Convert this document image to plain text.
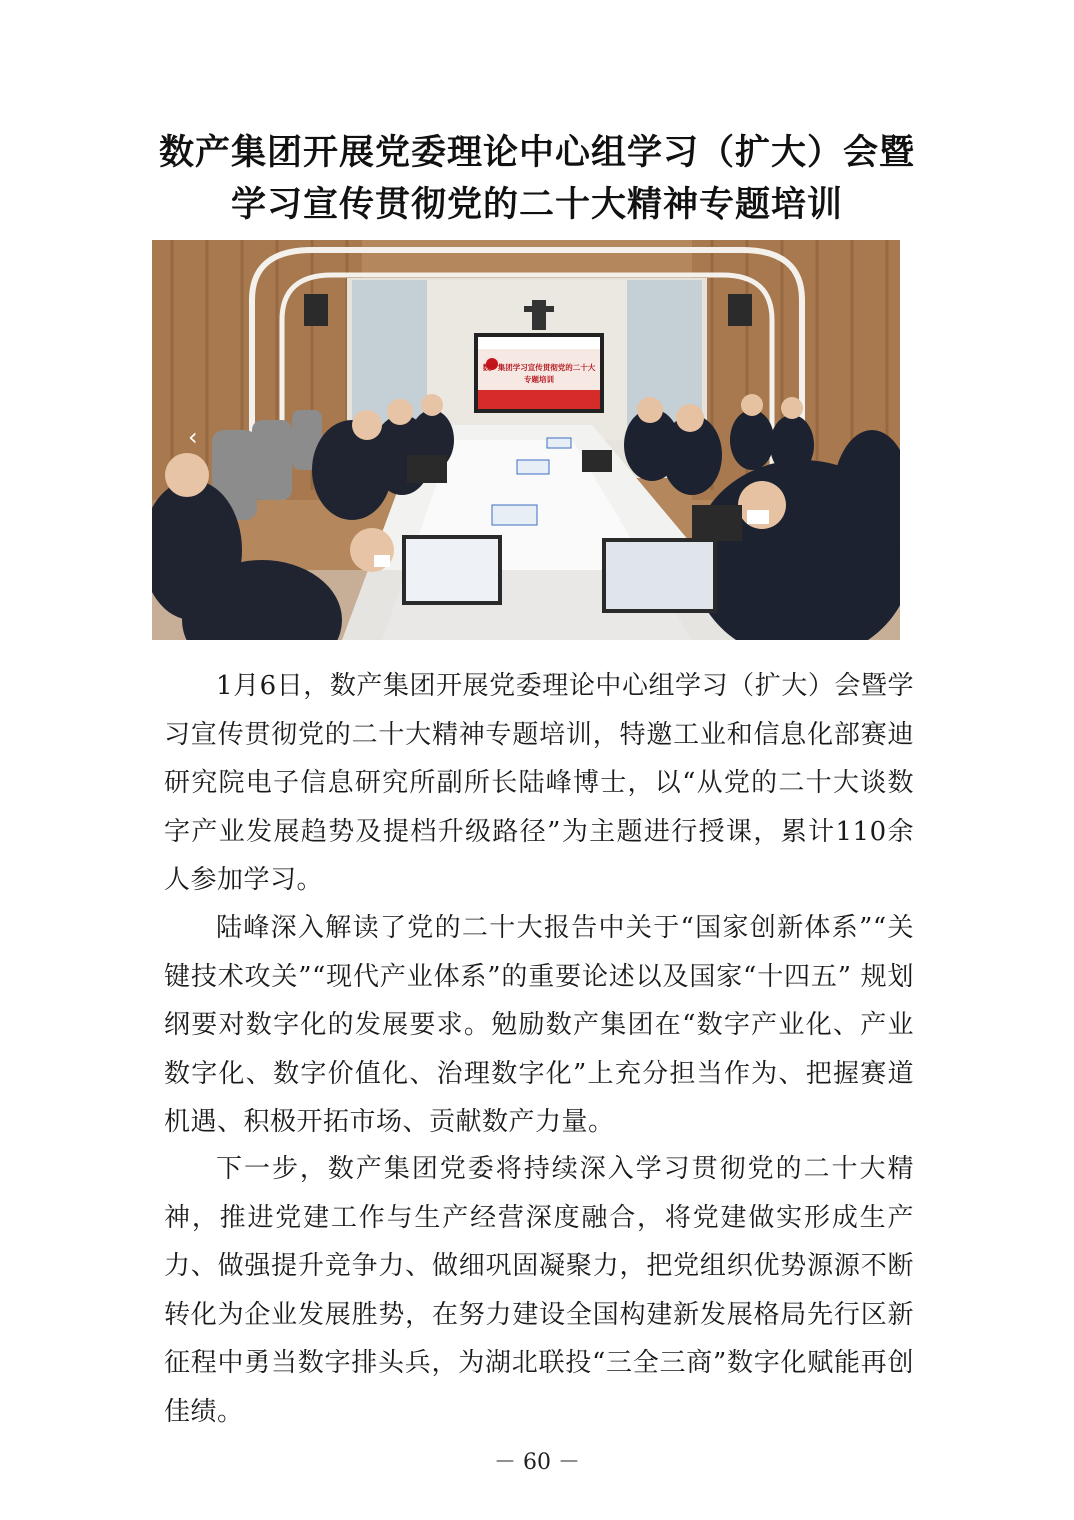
数产集团开展党委理论中心组学习（扩大）会暨
学习宣传贯彻党的二十大精神专题培训
数产集团学习宣传贯彻党的二十大
专题培训
‹

1月6日，数产集团开展党委理论中心组学习（扩大）会暨学习宣传贯彻党的二十大精神专题培训，特邀工业和信息化部赛迪研究院电子信息研究所副所长陆峰博士，以“从党的二十大谈数字产业发展趋势及提档升级路径”为主题进行授课，累计110余人参加学习。

陆峰深入解读了党的二十大报告中关于“国家创新体系”“关键技术攻关”“现代产业体系”的重要论述以及国家“十四五” 规划纲要对数字化的发展要求。勉励数产集团在“数字产业化、产业数字化、数字价值化、治理数字化”上充分担当作为、把握赛道机遇、积极开拓市场、贡献数产力量。

下一步，数产集团党委将持续深入学习贯彻党的二十大精神，推进党建工作与生产经营深度融合，将党建做实形成生产力、做强提升竞争力、做细巩固凝聚力，把党组织优势源源不断转化为企业发展胜势，在努力建设全国构建新发展格局先行区新征程中勇当数字排头兵，为湖北联投“三全三商”数字化赋能再创佳绩。

－ 60 －
